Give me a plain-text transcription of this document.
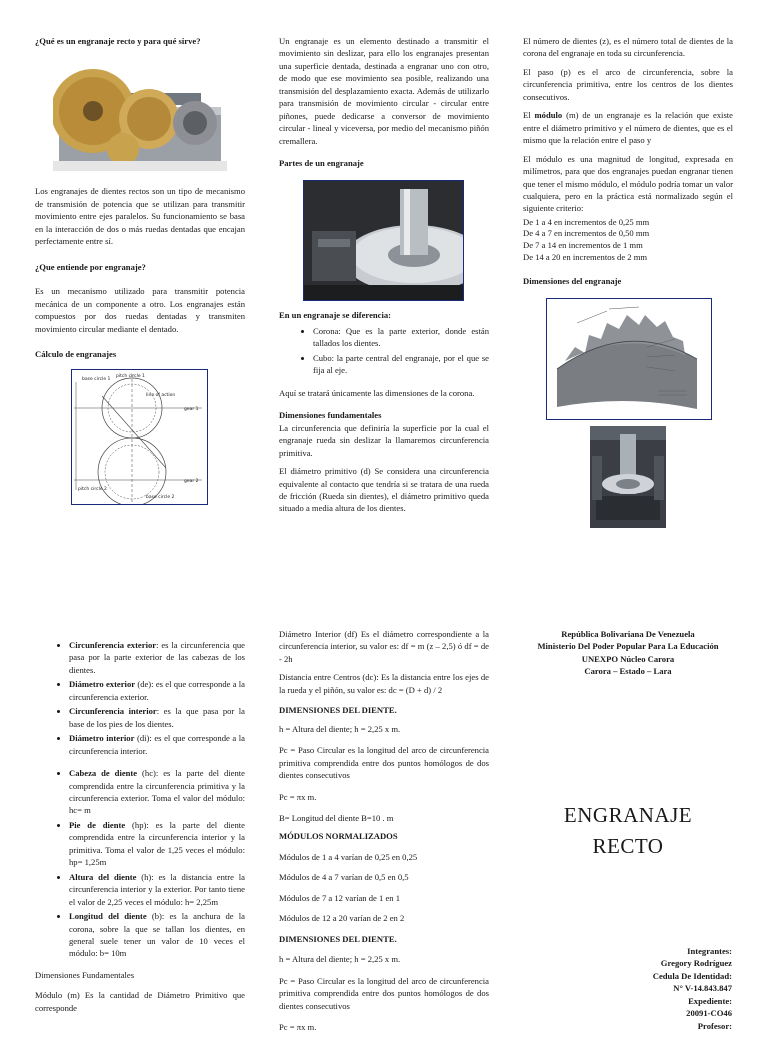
¿Qué es un engranaje recto y para qué sirve?

Los engranajes de dientes rectos son un tipo de mecanismo de transmisión de potencia que se utilizan para transmitir movimiento entre ejes paralelos. Su funcionamiento se basa en la interacción de dos o más ruedas dentadas que encajan perfectamente entre sí.

¿Que entiende por engranaje?

Es un mecanismo utilizado para transmitir potencia mecánica de un componente a otro. Los engranajes están compuestos por dos ruedas dentadas y transmiten movimiento circular mediante el dentado.

Cálculo de engranajes

pitch circle 1
base circle 1
line of action
gear 1
gear 2
pitch circle 2
base circle 2

Un engranaje es un elemento destinado a transmitir el movimiento sin deslizar, para ello los engranajes presentan una superficie dentada, destinada a engranar uno con otro, de modo que ese movimiento sea posible, realizando una transmisión del desplazamiento exacta. Además de utilizarlo para transmisión de movimiento circular - circular entre piñones, puede dedicarse a conversor de movimiento circular - lineal y viceversa, por medio del mecanismo piñón cremallera.

Partes de un engranaje

En un engranaje se diferencia:

• Corona: Que es la parte exterior, donde están tallados los dientes.
• Cubo: la parte central del engranaje, por el que se fija al eje.

Aquí se tratará únicamente las dimensiones de la corona.

Dimensiones fundamentales

La circunferencia que definiría la superficie por la cual el engranaje rueda sin deslizar la llamaremos circunferencia primitiva.

El diámetro primitivo (d) Se considera una circunferencia equivalente al contacto que tendría si se tratara de una rueda de fricción (Rueda sin dientes), el diámetro primitivo queda situado a media altura de los dientes.

El número de dientes (z), es el número total de dientes de la corona del engranaje en toda su circunferencia.

El paso (p) es el arco de circunferencia, sobre la circunferencia primitiva, entre los centros de los dientes consecutivos.

El módulo (m) de un engranaje es la relación que existe entre el diámetro primitivo y el número de dientes, que es el mismo que la relación entre el paso y

El módulo es una magnitud de longitud, expresada en milímetros, para que dos engranajes puedan engranar tienen que tener el mismo módulo, el módulo podría tomar un valor cualquiera, pero en la práctica está normalizado según el siguiente criterio:

De 1 a 4 en incrementos de 0,25 mm
De 4 a 7 en incrementos de 0,50 mm
De 7 a 14 en incrementos de 1 mm
De 14 a 20 en incrementos de 2 mm

Dimensiones del engranaje

• Circunferencia exterior: es la circunferencia que pasa por la parte exterior de las cabezas de los dientes.
• Diámetro exterior (de): es el que corresponde a la circunferencia exterior.
• Circunferencia interior: es la que pasa por la base de los pies de los dientes.
• Diámetro interior (di): es el que corresponde a la circunferencia interior.
• Cabeza de diente (hc): es la parte del diente comprendida entre la circunferencia primitiva y la circunferencia exterior. Toma el valor del módulo: hc= m
• Pie de diente (hp): es la parte del diente comprendida entre la circunferencia interior y la primitiva. Toma el valor de 1,25 veces el módulo: hp= 1,25m
• Altura del diente (h): es la distancia entre la circunferencia interior y la exterior. Por tanto tiene el valor de 2,25 veces el módulo: h= 2,25m
• Longitud del diente (b): es la anchura de la corona, sobre la que se tallan los dientes, en general suele tener un valor de 10 veces el módulo: b= 10m

Dimensiones Fundamentales

Módulo (m) Es la cantidad de Diámetro Primitivo que corresponde

Diámetro Interior (df) Es el diámetro correspondiente a la circunferencia interior, su valor es: df = m (z – 2,5) ó df = de - 2h

Distancia entre Centros (dc): Es la distancia entre los ejes de la rueda y el piñón, su valor es: dc = (D + d) / 2

DIMENSIONES DEL DIENTE.

h = Altura del diente; h = 2,25 x m.

Pc = Paso Circular es la longitud del arco de circunferencia primitiva comprendida entre dos puntos homólogos de dos dientes consecutivos

Pc = πx m.

B= Longitud del diente B=10 . m

MÓDULOS NORMALIZADOS

Módulos de 1 a 4 varían de 0,25 en 0,25

Módulos de 4 a 7 varían de 0,5 en 0,5

Módulos de 7 a 12 varían de 1 en 1

Módulos de 12 a 20 varían de 2 en 2

DIMENSIONES DEL DIENTE.

h = Altura del diente; h = 2,25 x m.

Pc = Paso Circular es la longitud del arco de circunferencia primitiva comprendida entre dos puntos homólogos de dos dientes consecutivos

Pc = πx m.

República Bolivariana De Venezuela
Ministerio Del Poder Popular Para La Educación
UNEXPO Núcleo Carora
Carora – Estado – Lara
ENGRANAJE
RECTO
Integrantes:
Gregory Rodríguez
Cedula De Identidad:
N° V-14.843.847
Expediente:
20091-CO46
Profesor:
